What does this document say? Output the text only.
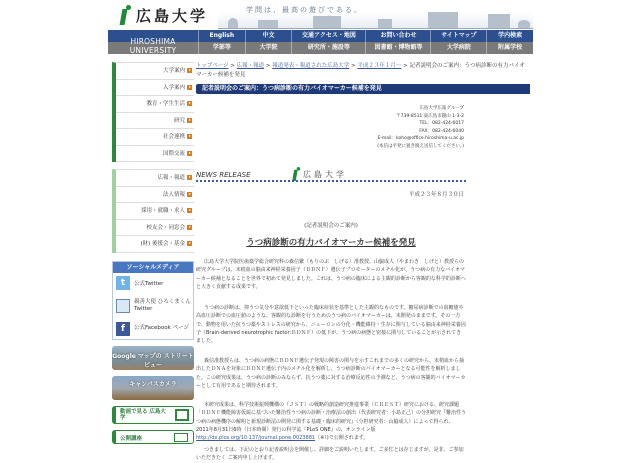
広島大学	学問は、最高の遊びである。
HIROSHIMA UNIVERSITY
English	中文	交通アクセス・地図	お問い合わせ	サイトマップ	学内検索
学部等	大学院	研究所・施設等	図書館・博物館等	大学病院	附属学校
大学案内
入学案内
教育・学生生活
研究
社会連携
国際交流
広報・報道
法人情報
採用・就職・求人
校友会・同窓会
(財) 後援会・基金
ソーシャルメディア
t	公式Twitter
親善大使 ひろくまくん Twitter
f	公式Facebook ページ
Google マップの ストリートビュー
キャンパスカメラ
動画で見る 広島大学
公開講座
トップページ > 広報・報道 > 報道発表・報道された広島大学 > 平成２３年１月～ > 記者説明会のご案内：うつ病診断の有力バイオマーカー候補を発見
記者説明会のご案内：うつ病診断の有力バイオマーカー候補を発見
広島大学広報グループ
〒739-8511 東広島市鏡山 1-3-2
TEL：082-424-6017
FAX：082-424-6040
E-mail：koho@office.hiroshima-u.ac.jp
(本信は平発に置き換え送信してください。)
NEWS RELEASE	広島大学
平成２３年８月３０日
(記者説明会のご案内)
うつ病診断の有力バイオマーカー候補を発見

広島大学大学院医歯薬学総合研究科の森信繁（もりのぶ　しげる）准教授、山脇成人（やまわき　しげと）教授らの研究グループは、末梢血の脳由来神経栄養因子（ＢＤＮＦ）遺伝子プロモーターのメチル化が、うつ病の有力なバイオマーカー候補となることを世界で初めて発見しました。これは、うつ病の臨床による主観的診断から客観的な科学的診断へと大きく貢献する成果です。

うつ病の診断は、抑うつ気分や意欲低下といった臨床症状を基準とした主観的なものです。糖尿病診断での血糖値や高血圧診断での血圧値のような、客観的な診断を行うためのうつ病のバイオマーカーは、未開発のままです。その一方で、動物を用いた抗うつ薬やストレスの研究から、ニューロンの分化・機能維持・生存に関与している脳由来神経栄養因子（Brain-derived neurotrophic factor:ＢＤＮＦ）の低下が、うつ病の病態と密接に関与していることが示されてきました。

森信准教授らは、うつ病の病態にＢＤＮＦ遺伝子発現の障害の関与を示すこれまでの多くの研究から、末梢血から抽出したＤＮＡを対象にＢＤＮＦ遺伝子内のメチル化を解析し、うつ病診断のバイオマーカーとなる可能性を解析しました。この研究成果は、うつ病の診断のみならず、抗うつ薬に対する治療反応性の予測など、うつ病の客観的バイオマーカーとして有用であると期待されます。

本研究成果は、科学技術振興機構の（ＪＳＴ）の戦略的創造研究推進事業（ＣＲＥＳＴ）研究における、研究課題「ＢＤＮＦ機能障害仮説に基づいた難治性うつ病の診断・治療法の創出（代表研究者：小島正己）の分担研究『難治性うつ病の病態機序の解明と新規診断法の開発に関する基礎・臨床的研究』（分担研究者：山脇成人）によって得られ、2011年8月31日6時（日本時間）発行の科学誌『PLoS ONE』の、オンライン版http://dx.plos.org/10.137/journal.pone.0023881（※）)で公開されます。

つきましては、下記のとおり記者説明会を開催し、詳細をご説明いたします。ご多忙とは存じますが、是非、ご参加いただきたく ご案内申し上げます。
